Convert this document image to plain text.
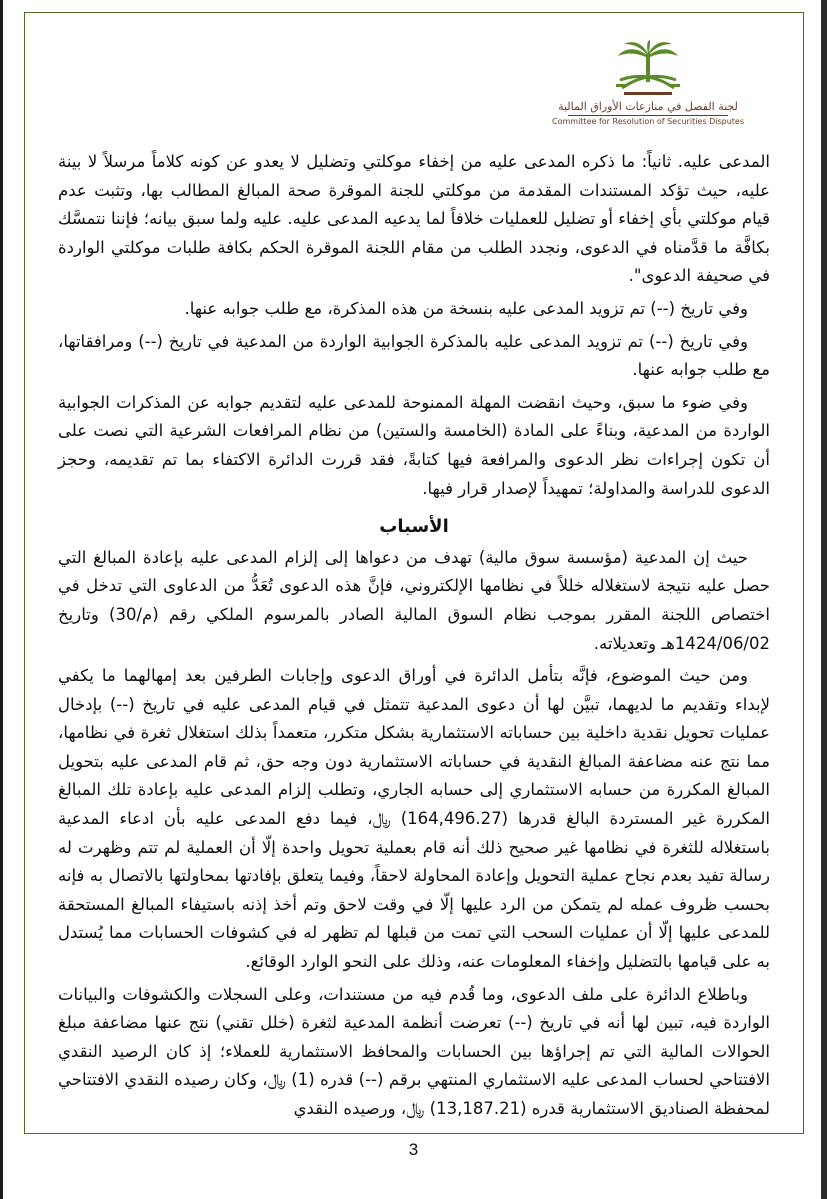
لجنة الفصل في منازعات الأوراق المالية
Committee for Resolution of Securities Disputes

المدعى عليه. ثانياً: ما ذكره المدعى عليه من إخفاء موكلتي وتضليل لا يعدو عن كونه كلاماً مرسلاً لا بينة عليه، حيث تؤكد المستندات المقدمة من موكلتي للجنة الموقرة صحة المبالغ المطالب بها، وتثبت عدم قيام موكلتي بأي إخفاء أو تضليل للعمليات خلافاً لما يدعيه المدعى عليه. عليه ولما سبق بيانه؛ فإننا نتمسَّك بكافَّة ما قدَّمناه في الدعوى، ونجدد الطلب من مقام اللجنة الموقرة الحكم بكافة طلبات موكلتي الواردة في صحيفة الدعوى".

وفي تاريخ (--) تم تزويد المدعى عليه بنسخة من هذه المذكرة، مع طلب جوابه عنها.

وفي تاريخ (--) تم تزويد المدعى عليه بالمذكرة الجوابية الواردة من المدعية في تاريخ (--) ومرافقاتها، مع طلب جوابه عنها.

وفي ضوء ما سبق، وحيث انقضت المهلة الممنوحة للمدعى عليه لتقديم جوابه عن المذكرات الجوابية الواردة من المدعية، وبناءً على المادة (الخامسة والستين) من نظام المرافعات الشرعية التي نصت على أن تكون إجراءات نظر الدعوى والمرافعة فيها كتابةً، فقد قررت الدائرة الاكتفاء بما تم تقديمه، وحجز الدعوى للدراسة والمداولة؛ تمهيداً لإصدار قرار فيها.

الأسباب

حيث إن المدعية (مؤسسة سوق مالية) تهدف من دعواها إلى إلزام المدعى عليه بإعادة المبالغ التي حصل عليه نتيجة لاستغلاله خللاً في نظامها الإلكتروني، فإنَّ هذه الدعوى تُعَدُّ من الدعاوى التي تدخل في اختصاص اللجنة المقرر بموجب نظام السوق المالية الصادر بالمرسوم الملكي رقم (م/30) وتاريخ 1424/06/02هـ وتعديلاته.

ومن حيث الموضوع، فإنَّه بتأمل الدائرة في أوراق الدعوى وإجابات الطرفين بعد إمهالهما ما يكفي لإبداء وتقديم ما لديهما، تبيَّن لها أن دعوى المدعية تتمثل في قيام المدعى عليه في تاريخ (--) بإدخال عمليات تحويل نقدية داخلية بين حساباته الاستثمارية بشكل متكرر، متعمداً بذلك استغلال ثغرة في نظامها، مما نتج عنه مضاعفة المبالغ النقدية في حساباته الاستثمارية دون وجه حق، ثم قام المدعى عليه بتحويل المبالغ المكررة من حسابه الاستثماري إلى حسابه الجاري، وتطلب إلزام المدعى عليه بإعادة تلك المبالغ المكررة غير المستردة البالغ قدرها (164,496.27) ﷼، فيما دفع المدعى عليه بأن ادعاء المدعية باستغلاله للثغرة في نظامها غير صحيح ذلك أنه قام بعملية تحويل واحدة إلّا أن العملية لم تتم وظهرت له رسالة تفيد بعدم نجاح عملية التحويل وإعادة المحاولة لاحقاً، وفيما يتعلق بإفادتها بمحاولتها بالاتصال به فإنه بحسب ظروف عمله لم يتمكن من الرد عليها إلّا في وقت لاحق وتم أخذ إذنه باستيفاء المبالغ المستحقة للمدعى عليها إلّا أن عمليات السحب التي تمت من قبلها لم تظهر له في كشوفات الحسابات مما يُستدل به على قيامها بالتضليل وإخفاء المعلومات عنه، وذلك على النحو الوارد الوقائع.

وباطلاع الدائرة على ملف الدعوى، وما قُدم فيه من مستندات، وعلى السجلات والكشوفات والبيانات الواردة فيه، تبين لها أنه في تاريخ (--) تعرضت أنظمة المدعية لثغرة (خلل تقني) نتج عنها مضاعفة مبلغ الحوالات المالية التي تم إجراؤها بين الحسابات والمحافظ الاستثمارية للعملاء؛ إذ كان الرصيد النقدي الافتتاحي لحساب المدعى عليه الاستثماري المنتهي برقم (--) قدره (1) ﷼، وكان رصيده النقدي الافتتاحي لمحفظة الصناديق الاستثمارية قدره (13,187.21) ﷼، ورصيده النقدي

3
